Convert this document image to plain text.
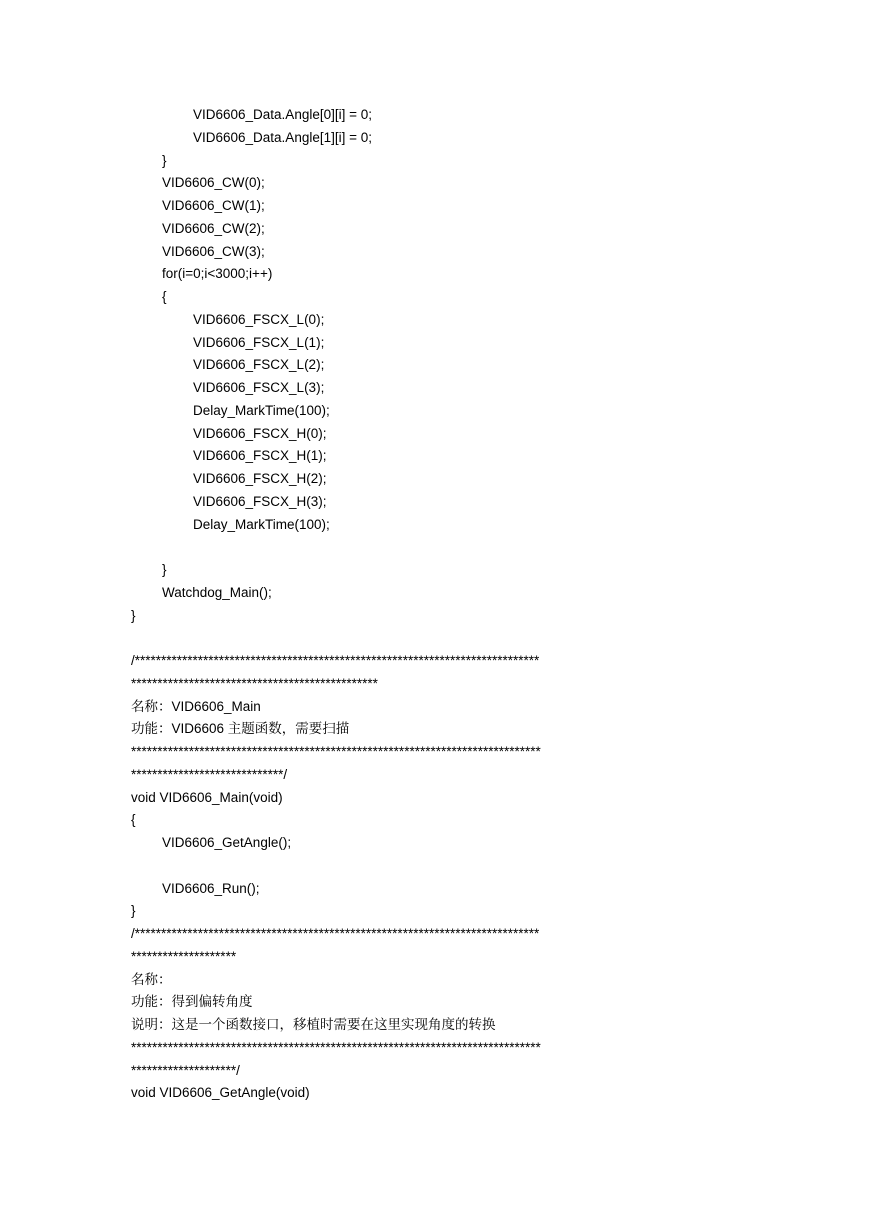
VID6606_Data.Angle[0][i] = 0;
VID6606_Data.Angle[1][i] = 0;
}
VID6606_CW(0);
VID6606_CW(1);
VID6606_CW(2);
VID6606_CW(3);
for(i=0;i<3000;i++)
{
VID6606_FSCX_L(0);
VID6606_FSCX_L(1);
VID6606_FSCX_L(2);
VID6606_FSCX_L(3);
Delay_MarkTime(100);
VID6606_FSCX_H(0);
VID6606_FSCX_H(1);
VID6606_FSCX_H(2);
VID6606_FSCX_H(3);
Delay_MarkTime(100);
}
Watchdog_Main();
}
/*****************************************************************************
***********************************************
名称：VID6606_Main
功能：VID6606 主题函数，需要扫描
******************************************************************************
*****************************/
void VID6606_Main(void)
{
VID6606_GetAngle();
VID6606_Run();
}
/*****************************************************************************
********************
名称：
功能：得到偏转角度
说明：这是一个函数接口，移植时需要在这里实现角度的转换
******************************************************************************
********************/
void VID6606_GetAngle(void)
